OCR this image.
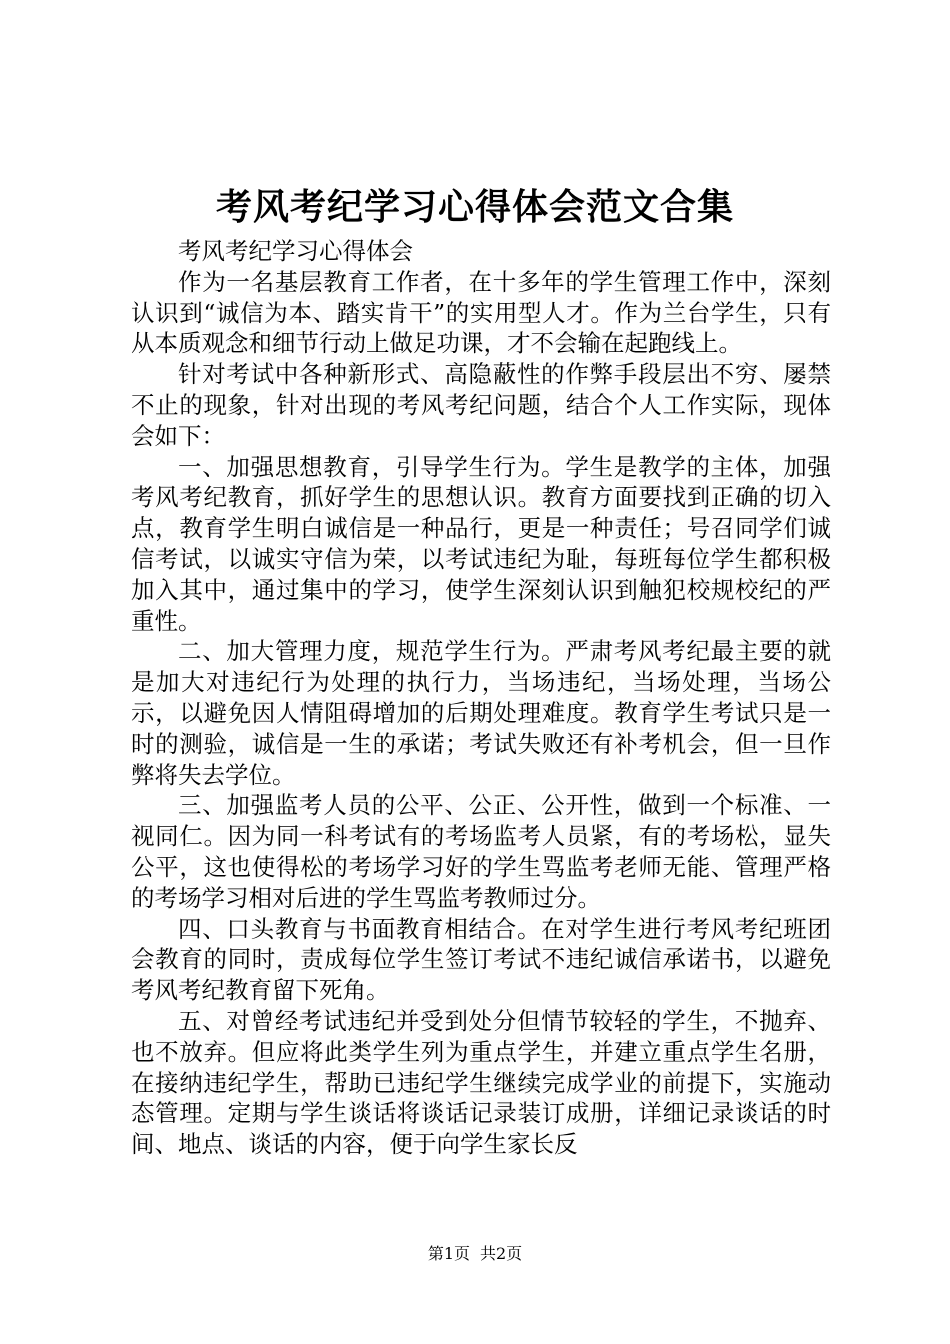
考风考纪学习心得体会范文合集

考风考纪学习心得体会

作为一名基层教育工作者，在十多年的学生管理工作中，深刻认识到“诚信为本、踏实肯干”的实用型人才。作为兰台学生，只有从本质观念和细节行动上做足功课，才不会输在起跑线上。

针对考试中各种新形式、高隐蔽性的作弊手段层出不穷、屡禁不止的现象，针对出现的考风考纪问题，结合个人工作实际，现体会如下：

一、加强思想教育，引导学生行为。学生是教学的主体，加强考风考纪教育，抓好学生的思想认识。教育方面要找到正确的切入点，教育学生明白诚信是一种品行，更是一种责任；号召同学们诚信考试，以诚实守信为荣，以考试违纪为耻，每班每位学生都积极加入其中，通过集中的学习，使学生深刻认识到触犯校规校纪的严重性。

二、加大管理力度，规范学生行为。严肃考风考纪最主要的就是加大对违纪行为处理的执行力，当场违纪，当场处理，当场公示，以避免因人情阻碍增加的后期处理难度。教育学生考试只是一时的测验，诚信是一生的承诺；考试失败还有补考机会，但一旦作弊将失去学位。

三、加强监考人员的公平、公正、公开性，做到一个标准、一视同仁。因为同一科考试有的考场监考人员紧，有的考场松，显失公平，这也使得松的考场学习好的学生骂监考老师无能、管理严格的考场学习相对后进的学生骂监考教师过分。

四、口头教育与书面教育相结合。在对学生进行考风考纪班团会教育的同时，责成每位学生签订考试不违纪诚信承诺书，以避免考风考纪教育留下死角。

五、对曾经考试违纪并受到处分但情节较轻的学生，不抛弃、也不放弃。但应将此类学生列为重点学生，并建立重点学生名册，在接纳违纪学生，帮助已违纪学生继续完成学业的前提下，实施动态管理。定期与学生谈话将谈话记录装订成册，详细记录谈话的时间、地点、谈话的内容，便于向学生家长反

第1页 共2页
